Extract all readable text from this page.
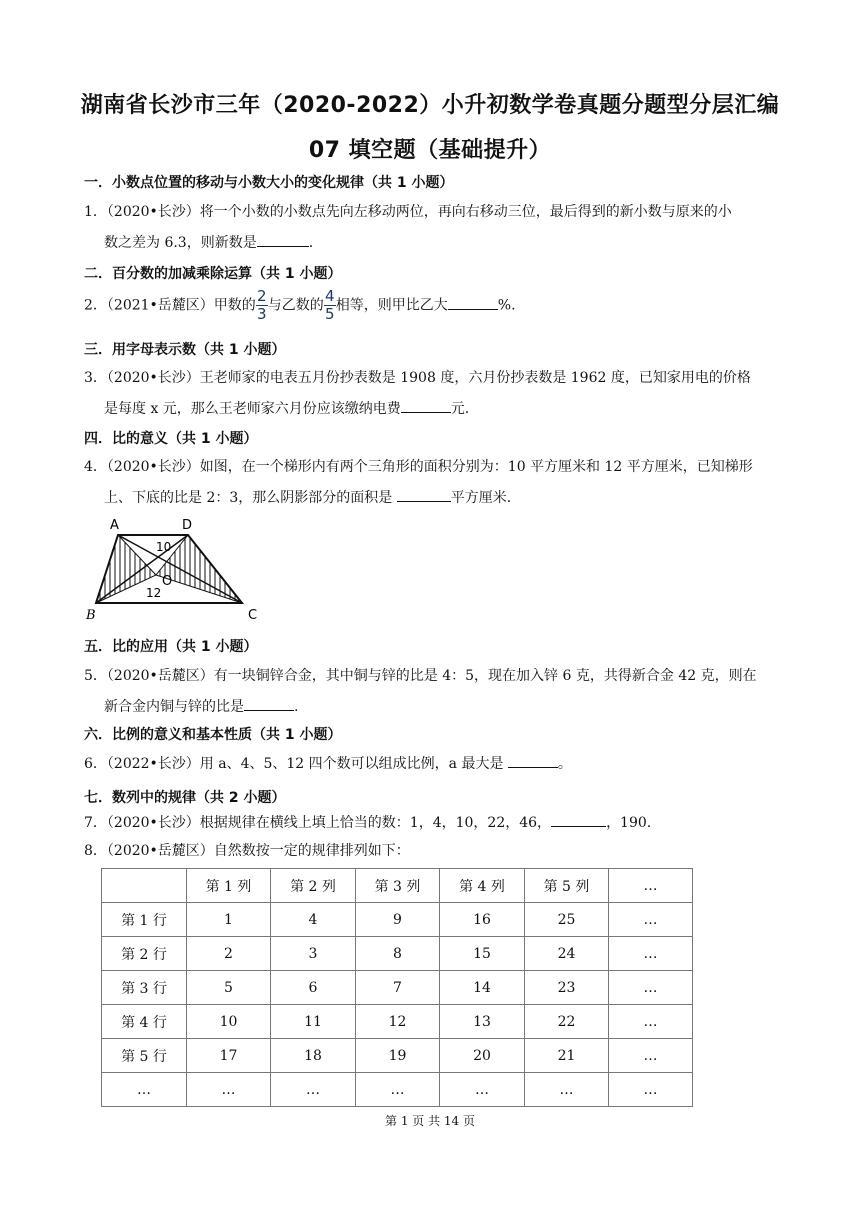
湖南省长沙市三年（2020-2022）小升初数学卷真题分题型分层汇编
07 填空题（基础提升）
一．小数点位置的移动与小数大小的变化规律（共 1 小题）
1．（2020•长沙）将一个小数的小数点先向左移动两位，再向右移动三位，最后得到的新小数与原来的小
数之差为 6.3，则新数是	.
二．百分数的加减乘除运算（共 1 小题）
2．（2021•岳麓区）甲数的 $\frac{2}{3}$ 与乙数的 $\frac{4}{5}$ 相等，则甲比乙大	%.
三．用字母表示数（共 1 小题）
3．（2020•长沙）王老师家的电表五月份抄表数是 1908 度，六月份抄表数是 1962 度，已知家用电的价格
是每度 x 元，那么王老师家六月份应该缴纳电费	元.
四．比的意义（共 1 小题）
4．（2020•长沙）如图，在一个梯形内有两个三角形的面积分别为：10 平方厘米和 12 平方厘米，已知梯形
上、下底的比是 2：3，那么阴影部分的面积是	平方厘米.
A	D
B	C
O
10
12
五．比的应用（共 1 小题）
5．（2020•岳麓区）有一块铜锌合金，其中铜与锌的比是 4：5，现在加入锌 6 克，共得新合金 42 克，则在
新合金内铜与锌的比是	.
六．比例的意义和基本性质（共 1 小题）
6．（2022•长沙）用 a、4、5、12 四个数可以组成比例，a 最大是	。
七．数列中的规律（共 2 小题）
7．（2020•长沙）根据规律在横线上填上恰当的数：1，4，10，22，46，	，190.
8．（2020•岳麓区）自然数按一定的规律排列如下：
	第 1 列	第 2 列	第 3 列	第 4 列	第 5 列	…
第 1 行	1	4	9	16	25	…
第 2 行	2	3	8	15	24	…
第 3 行	5	6	7	14	23	…
第 4 行	10	11	12	13	22	…
第 5 行	17	18	19	20	21	…
…	…	…	…	…	…	…
第 1 页 共 14 页
